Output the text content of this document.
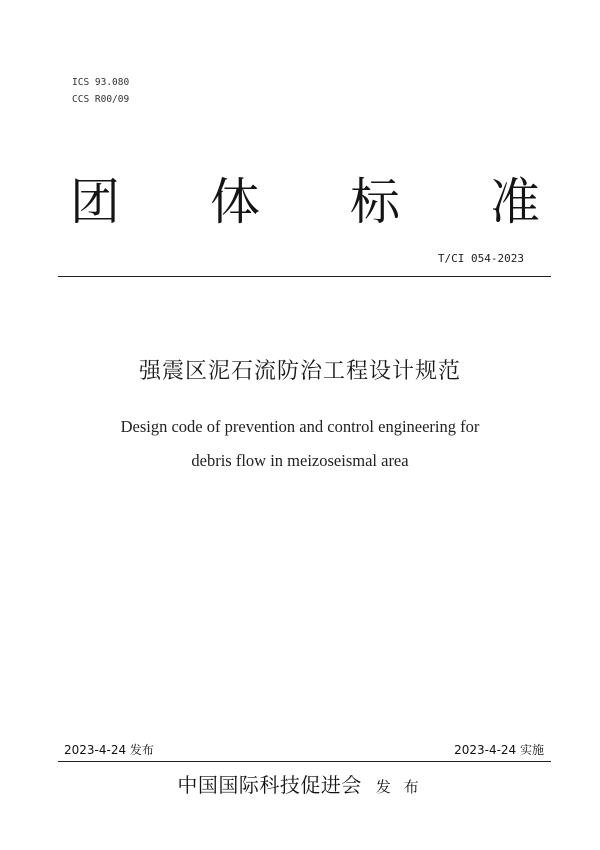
ICS 93.080
CCS R00/09
团 体 标 准
T/CI 054-2023
强震区泥石流防治工程设计规范
Design code of prevention and control engineering for
debris flow in meizoseismal area
2023-4-24 发布	2023-4-24 实施
中国国际科技促进会 发 布
